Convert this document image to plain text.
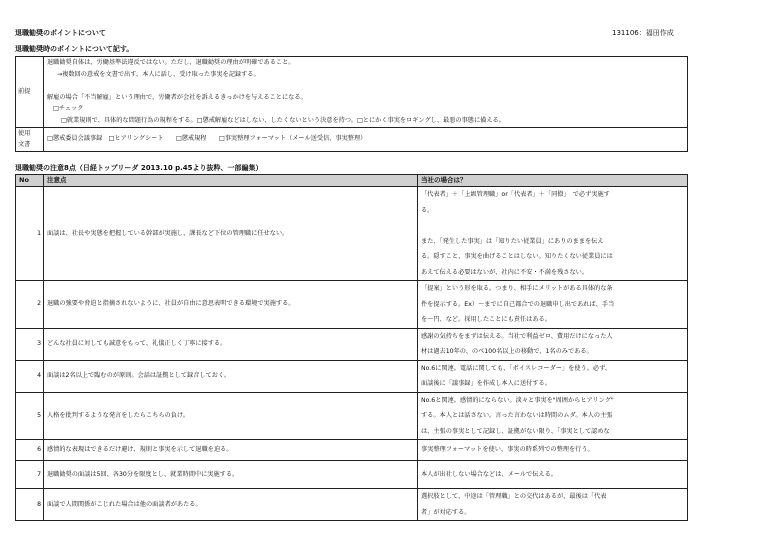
退職勧奨のポイントについて	131106：福田作成
退職勧奨時のポイントについて記す。
前提	退職勧奨自体は、労働基準法違反ではない。ただし、退職勧奨の理由が明確であること。
→複数回の意戒を文書で出す。本人に話し、受け取った事実を記録する。
解雇の場合「不当解雇」という理由で、労働者が会社を訴えるきっかけを与えることになる。
□チェック
□就業規則で、具体的な問題行為の規程をする。□懲戒解雇などはしない、したくないという決意を持つ。□とにかく事実をロギングし、最悪の事態に備える。

使用
文書	□懲戒委員会議事録　□ヒアリングシート　　□懲戒規程　　□事実整理フォーマット（メール送受信、事実整理）
退職勧奨の注意8点（日経トップリーダ 2013.10 p.45より抜粋、一部編集）
No	注意点	当社の場合は？
1	面談は、社長や実態を把握している幹部が実施し、課長など下位の管理職に任せない。	「代表者」＋「上級管理職」or「代表者」＋「同僚」　で必ず実施す
る。
また、「発生した事実」は「知りたい従業員」にありのままを伝え
る。隠すこと、事実を曲げることはしない。知りたくない従業員には
あえて伝える必要はないが、社内に不安・不満を残さない。

2	退職の強要や脅迫と指摘されないように、社員が自由に意思表明できる環境で実施する。	「提案」という形を取る。つまり、相手にメリットがある具体的な条
件を提示する。Ex）～までに自己都合での退職申し出であれば、手当
を～円、など。採用したことにも責任はある。

3	どんな社員に対しても誠意をもって、礼儀正しく丁寧に接する。	感謝の気持ちをまずは伝える。当社で利益ゼロ、費用だけになった人
材は過去10年の、のべ100名以上の移動で、1名のみである。

4	面談は2名以上で臨むのが原則。会話は証拠として録音しておく。	No.6に関連。電話に関しても、「ボイスレコーダー」を使う。必ず、
面談後に「議事録」を作成し本人に送付する。

5	人格を批判するような発言をしたらこちらの負け。	No.6と関連。感情的にならない。淡々と事実を"周囲からヒアリング"
する。本人とは話さない。言った言わないは時間のムダ。本人の主張
は、主張の事実として記録し、証拠がない限り、「事実として認めな

6	感情的な表現はできるだけ避け、規則と事実を示して退職を迫る。	事実整理フォーマットを使い、事実の時系列での整理を行う。

7	退職勧奨の面談は5回、各30分を限度とし、就業時間中に実施する。	本人が出社しない場合などは、メールで伝える。

8	面談で人間関係がこじれた場合は他の面談者があたる。	選択肢として、中途は「管理職」との交代はあるが、最後は「代表
者」が対応する。
